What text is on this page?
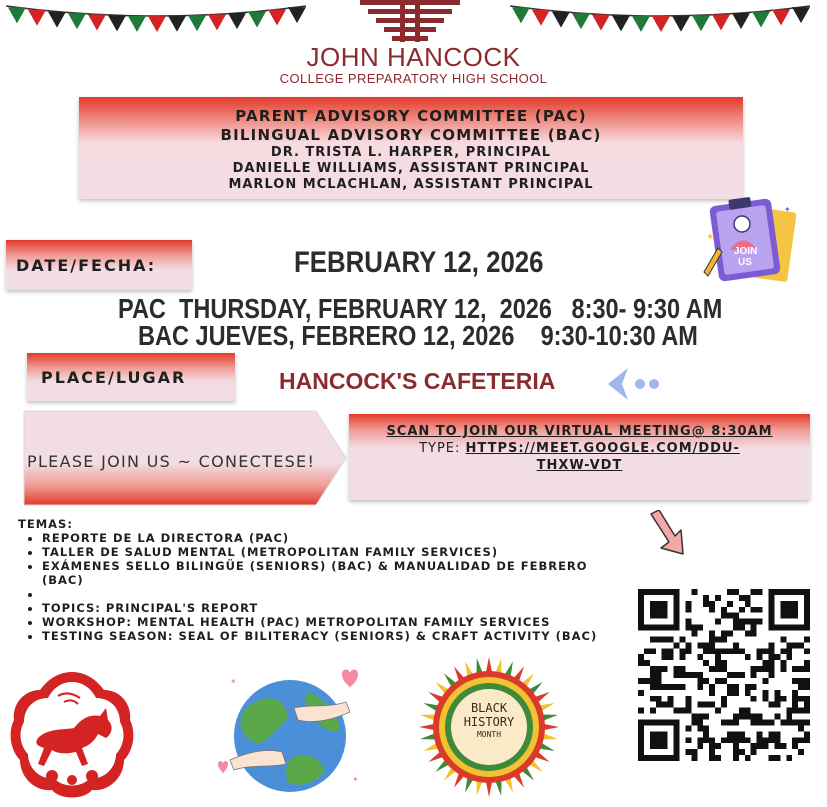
JOHN HANCOCK
COLLEGE PREPARATORY HIGH SCHOOL
PARENT ADVISORY COMMITTEE (PAC)
BILINGUAL ADVISORY COMMITTEE (BAC)
DR. TRISTA L. HARPER, PRINCIPAL
DANIELLE WILLIAMS, ASSISTANT PRINCIPAL
MARLON MCLACHLAN, ASSISTANT PRINCIPAL
JOIN
US
✦
✦
DATE/FECHA:	FEBRUARY 12, 2026
PAC  THURSDAY, FEBRUARY 12,  2026   8:30- 9:30 AM
BAC JUEVES, FEBRERO 12, 2026    9:30-10:30 AM
PLACE/LUGAR	HANCOCK'S CAFETERIA
PLEASE JOIN US ~ CONECTESE!
SCAN TO JOIN OUR VIRTUAL MEETING@ 8:30AM
TYPE: HTTPS://MEET.GOOGLE.COM/DDU-
THXW-VDT
TEMAS:
• REPORTE DE LA DIRECTORA (PAC)
• TALLER DE SALUD MENTAL (METROPOLITAN FAMILY SERVICES)
• EXÁMENES SELLO BILINGÜE (SENIORS) (BAC) & MANUALIDAD DE FEBRERO (BAC)
•
• TOPICS: PRINCIPAL'S REPORT
• WORKSHOP: MENTAL HEALTH (PAC) METROPOLITAN FAMILY SERVICES
• TESTING SEASON: SEAL OF BILITERACY (SENIORS) & CRAFT ACTIVITY (BAC)
✦
✦
BLACK
HISTORY
MONTH
